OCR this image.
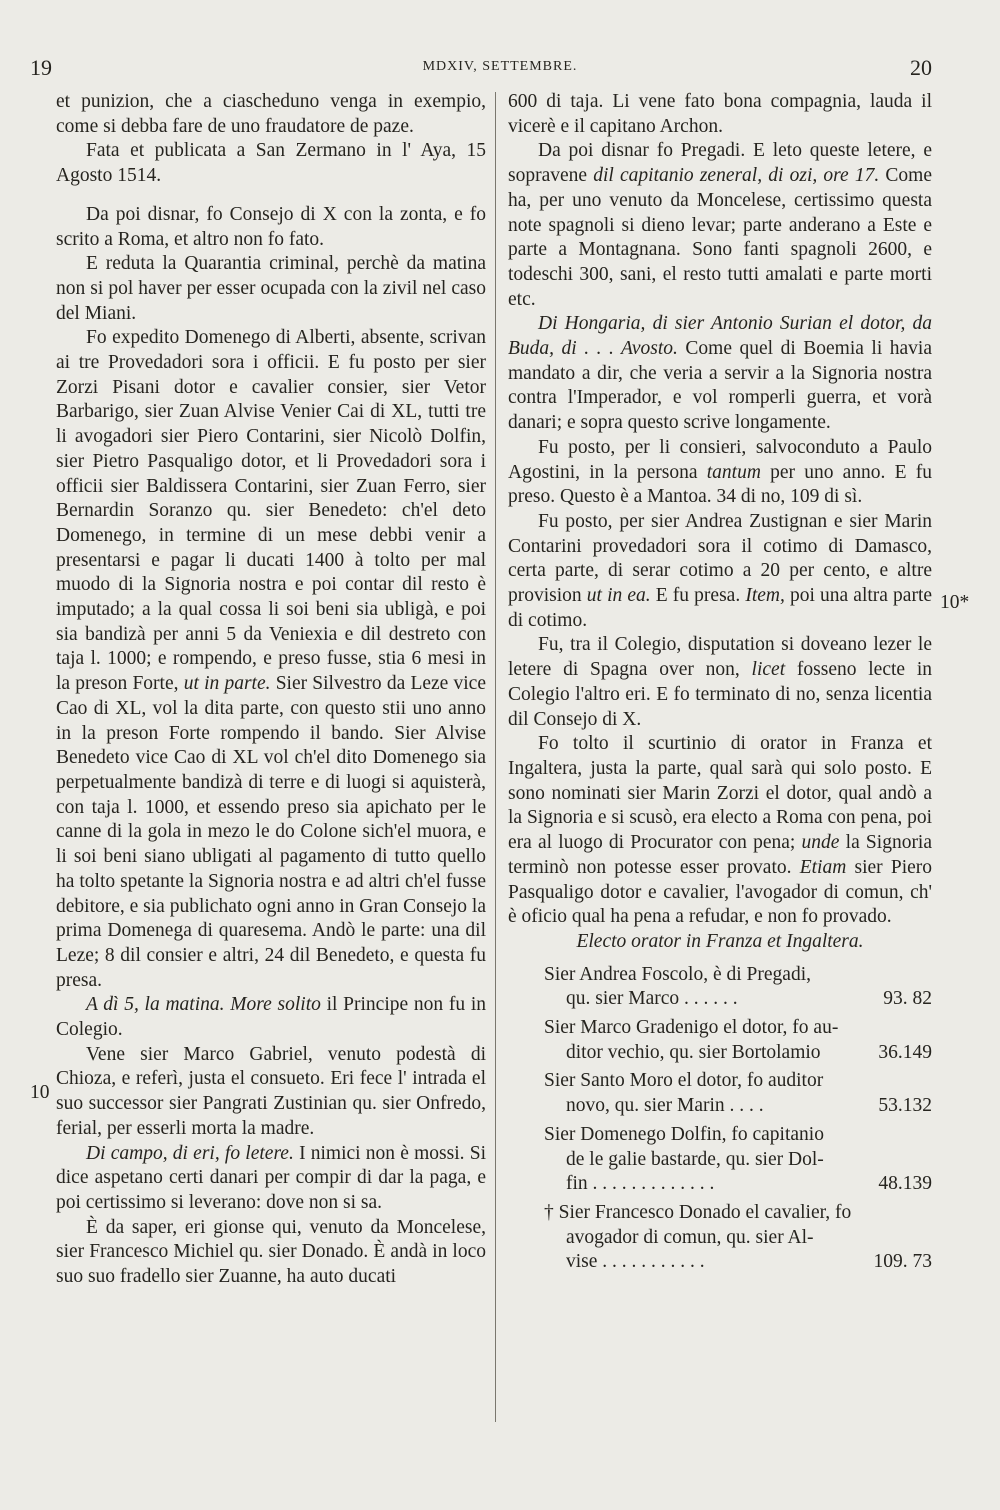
19	MDXIV, SETTEMBRE.	20
10
10*

et punizion, che a ciascheduno venga in exempio, come si debba fare de uno fraudatore de paze.

Fata et publicata a San Zermano in l' Aya, 15 Agosto 1514.

Da poi disnar, fo Consejo di X con la zonta, e fo scrito a Roma, et altro non fo fato.

E reduta la Quarantia criminal, perchè da matina non si pol haver per esser ocupada con la zivil nel caso del Miani.

Fo expedito Domenego di Alberti, absente, scrivan ai tre Provedadori sora i officii. E fu posto per sier Zorzi Pisani dotor e cavalier consier, sier Vetor Barbarigo, sier Zuan Alvise Venier Cai di XL, tutti tre li avogadori sier Piero Contarini, sier Nicolò Dolfin, sier Pietro Pasqualigo dotor, et li Provedadori sora i officii sier Baldissera Contarini, sier Zuan Ferro, sier Bernardin Soranzo qu. sier Benedeto: ch'el deto Domenego, in termine di un mese debbi venir a presentarsi e pagar li ducati 1400 à tolto per mal muodo di la Signoria nostra e poi contar dil resto è imputado; a la qual cossa li soi beni sia ubligà, e poi sia bandizà per anni 5 da Veniexia e dil destreto con taja l. 1000; e rompendo, e preso fusse, stia 6 mesi in la preson Forte, ut in parte. Sier Silvestro da Leze vice Cao di XL, vol la dita parte, con questo stii uno anno in la preson Forte rompendo il bando. Sier Alvise Benedeto vice Cao di XL vol ch'el dito Domenego sia perpetualmente bandizà di terre e di luogi si aquisterà, con taja l. 1000, et essendo preso sia apichato per le canne di la gola in mezo le do Colone sich'el muora, e li soi beni siano ubligati al pagamento di tutto quello ha tolto spetante la Signoria nostra e ad altri ch'el fusse debitore, e sia publichato ogni anno in Gran Consejo la prima Domenega di quaresema. Andò le parte: una dil Leze; 8 dil consier e altri, 24 dil Benedeto, e questa fu presa.

A dì 5, la matina. More solito il Principe non fu in Colegio.

Vene sier Marco Gabriel, venuto podestà di Chioza, e referì, justa el consueto. Eri fece l' intrada el suo successor sier Pangrati Zustinian qu. sier Onfredo, ferial, per esserli morta la madre.

Di campo, di eri, fo letere. I nimici non è mossi. Si dice aspetano certi danari per compir di dar la paga, e poi certissimo si leverano: dove non si sa.

È da saper, eri gionse qui, venuto da Moncelese, sier Francesco Michiel qu. sier Donado. È andà in loco suo suo fradello sier Zuanne, ha auto ducati

600 di taja. Li vene fato bona compagnia, lauda il vicerè e il capitano Archon.

Da poi disnar fo Pregadi. E leto queste letere, e sopravene dil capitanio zeneral, di ozi, ore 17. Come ha, per uno venuto da Moncelese, certissimo questa note spagnoli si dieno levar; parte anderano a Este e parte a Montagnana. Sono fanti spagnoli 2600, e todeschi 300, sani, el resto tutti amalati e parte morti etc.

Di Hongaria, di sier Antonio Surian el dotor, da Buda, di . . . Avosto. Come quel di Boemia li havia mandato a dir, che veria a servir a la Signoria nostra contra l'Imperador, e vol romperli guerra, et vorà danari; e sopra questo scrive longamente.

Fu posto, per li consieri, salvoconduto a Paulo Agostini, in la persona tantum per uno anno. E fu preso. Questo è a Mantoa. 34 di no, 109 di sì.

Fu posto, per sier Andrea Zustignan e sier Marin Contarini provedadori sora il cotimo di Damasco, certa parte, di serar cotimo a 20 per cento, e altre provision ut in ea. E fu presa. Item, poi una altra parte di cotimo.

Fu, tra il Colegio, disputation si doveano lezer le letere di Spagna over non, licet fosseno lecte in Colegio l'altro eri. E fo terminato di no, senza licentia dil Consejo di X.

Fo tolto il scurtinio di orator in Franza et Ingaltera, justa la parte, qual sarà qui solo posto. E sono nominati sier Marin Zorzi el dotor, qual andò a la Signoria e si scusò, era electo a Roma con pena, poi era al luogo di Procurator con pena; unde la Signoria terminò non potesse esser provato. Etiam sier Piero Pasqualigo dotor e cavalier, l'avogador di comun, ch' è oficio qual ha pena a refudar, e non fo provado.

Electo orator in Franza et Ingaltera.

Sier Andrea Foscolo, è di Pregadi,
qu. sier Marco . . . . . .	93. 82
Sier Marco Gradenigo el dotor, fo au-
ditor vechio, qu. sier Bortolamio	36.149
Sier Santo Moro el dotor, fo auditor
novo, qu. sier Marin . . . .	53.132
Sier Domenego Dolfin, fo capitanio
de le galie bastarde, qu. sier Dol-
fin . . . . . . . . . . . . .	48.139
† Sier Francesco Donado el cavalier, fo
avogador di comun, qu. sier Al-
vise . . . . . . . . . . .	109. 73
